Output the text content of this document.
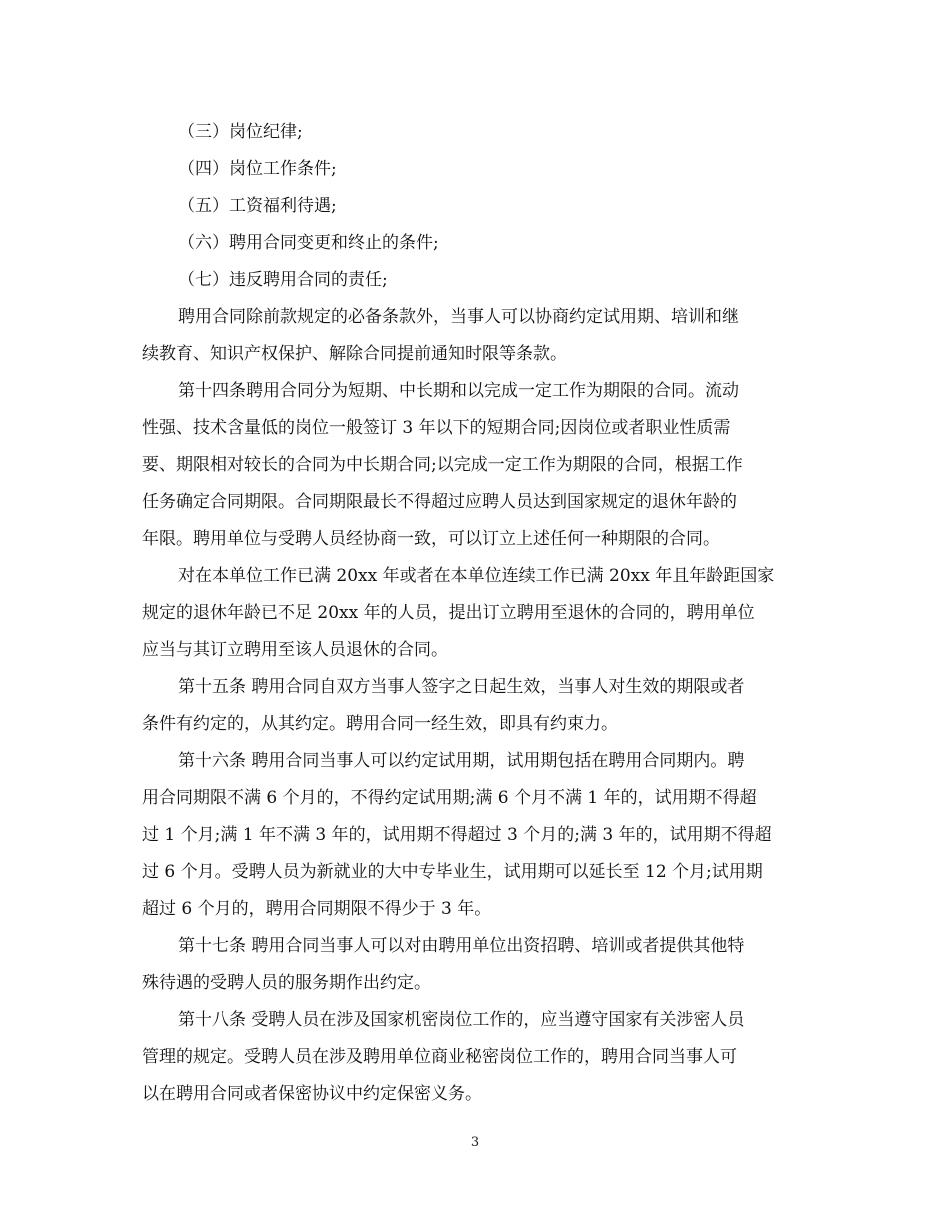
（三）岗位纪律;
（四）岗位工作条件;
（五）工资福利待遇;
（六）聘用合同变更和终止的条件;
（七）违反聘用合同的责任;

聘用合同除前款规定的必备条款外，当事人可以协商约定试用期、培训和继
续教育、知识产权保护、解除合同提前通知时限等条款。

第十四条聘用合同分为短期、中长期和以完成一定工作为期限的合同。流动
性强、技术含量低的岗位一般签订 3 年以下的短期合同;因岗位或者职业性质需
要、期限相对较长的合同为中长期合同;以完成一定工作为期限的合同，根据工作
任务确定合同期限。合同期限最长不得超过应聘人员达到国家规定的退休年龄的
年限。聘用单位与受聘人员经协商一致，可以订立上述任何一种期限的合同。

对在本单位工作已满 20xx 年或者在本单位连续工作已满 20xx 年且年龄距国家
规定的退休年龄已不足 20xx 年的人员，提出订立聘用至退休的合同的，聘用单位
应当与其订立聘用至该人员退休的合同。

第十五条 聘用合同自双方当事人签字之日起生效，当事人对生效的期限或者
条件有约定的，从其约定。聘用合同一经生效，即具有约束力。

第十六条 聘用合同当事人可以约定试用期，试用期包括在聘用合同期内。聘
用合同期限不满 6 个月的，不得约定试用期;满 6 个月不满 1 年的，试用期不得超
过 1 个月;满 1 年不满 3 年的，试用期不得超过 3 个月的;满 3 年的，试用期不得超
过 6 个月。受聘人员为新就业的大中专毕业生，试用期可以延长至 12 个月;试用期
超过 6 个月的，聘用合同期限不得少于 3 年。

第十七条 聘用合同当事人可以对由聘用单位出资招聘、培训或者提供其他特
殊待遇的受聘人员的服务期作出约定。

第十八条 受聘人员在涉及国家机密岗位工作的，应当遵守国家有关涉密人员
管理的规定。受聘人员在涉及聘用单位商业秘密岗位工作的，聘用合同当事人可
以在聘用合同或者保密协议中约定保密义务。

3
